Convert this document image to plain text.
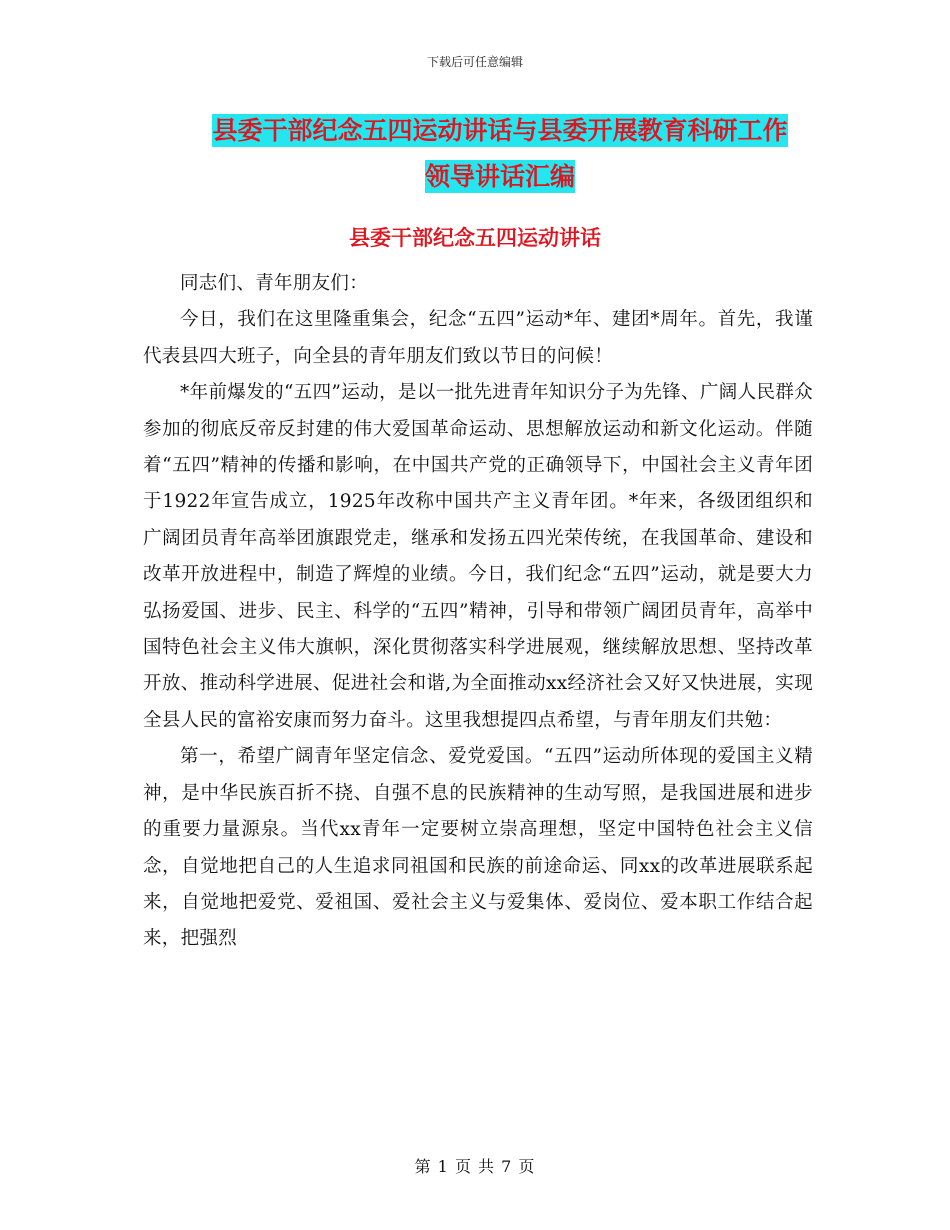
下载后可任意编辑
县委干部纪念五四运动讲话与县委开展教育科研工作
领导讲话汇编
县委干部纪念五四运动讲话

同志们、青年朋友们：

今日，我们在这里隆重集会，纪念“五四”运动*年、建团*周年。首先，我谨代表县四大班子，向全县的青年朋友们致以节日的问候！

*年前爆发的“五四”运动，是以一批先进青年知识分子为先锋、广阔人民群众参加的彻底反帝反封建的伟大爱国革命运动、思想解放运动和新文化运动。伴随着“五四”精神的传播和影响，在中国共产党的正确领导下，中国社会主义青年团于1922年宣告成立，1925年改称中国共产主义青年团。*年来，各级团组织和广阔团员青年高举团旗跟党走，继承和发扬五四光荣传统，在我国革命、建设和改革开放进程中，制造了辉煌的业绩。今日，我们纪念“五四”运动，就是要大力弘扬爱国、进步、民主、科学的“五四”精神，引导和带领广阔团员青年，高举中国特色社会主义伟大旗帜，深化贯彻落实科学进展观，继续解放思想、坚持改革开放、推动科学进展、促进社会和谐,为全面推动xx经济社会又好又快进展，实现全县人民的富裕安康而努力奋斗。这里我想提四点希望，与青年朋友们共勉：

第一，希望广阔青年坚定信念、爱党爱国。“五四”运动所体现的爱国主义精神，是中华民族百折不挠、自强不息的民族精神的生动写照，是我国进展和进步的重要力量源泉。当代xx青年一定要树立崇高理想，坚定中国特色社会主义信念，自觉地把自己的人生追求同祖国和民族的前途命运、同xx的改革进展联系起来，自觉地把爱党、爱祖国、爱社会主义与爱集体、爱岗位、爱本职工作结合起来，把强烈

第 1 页 共 7 页
